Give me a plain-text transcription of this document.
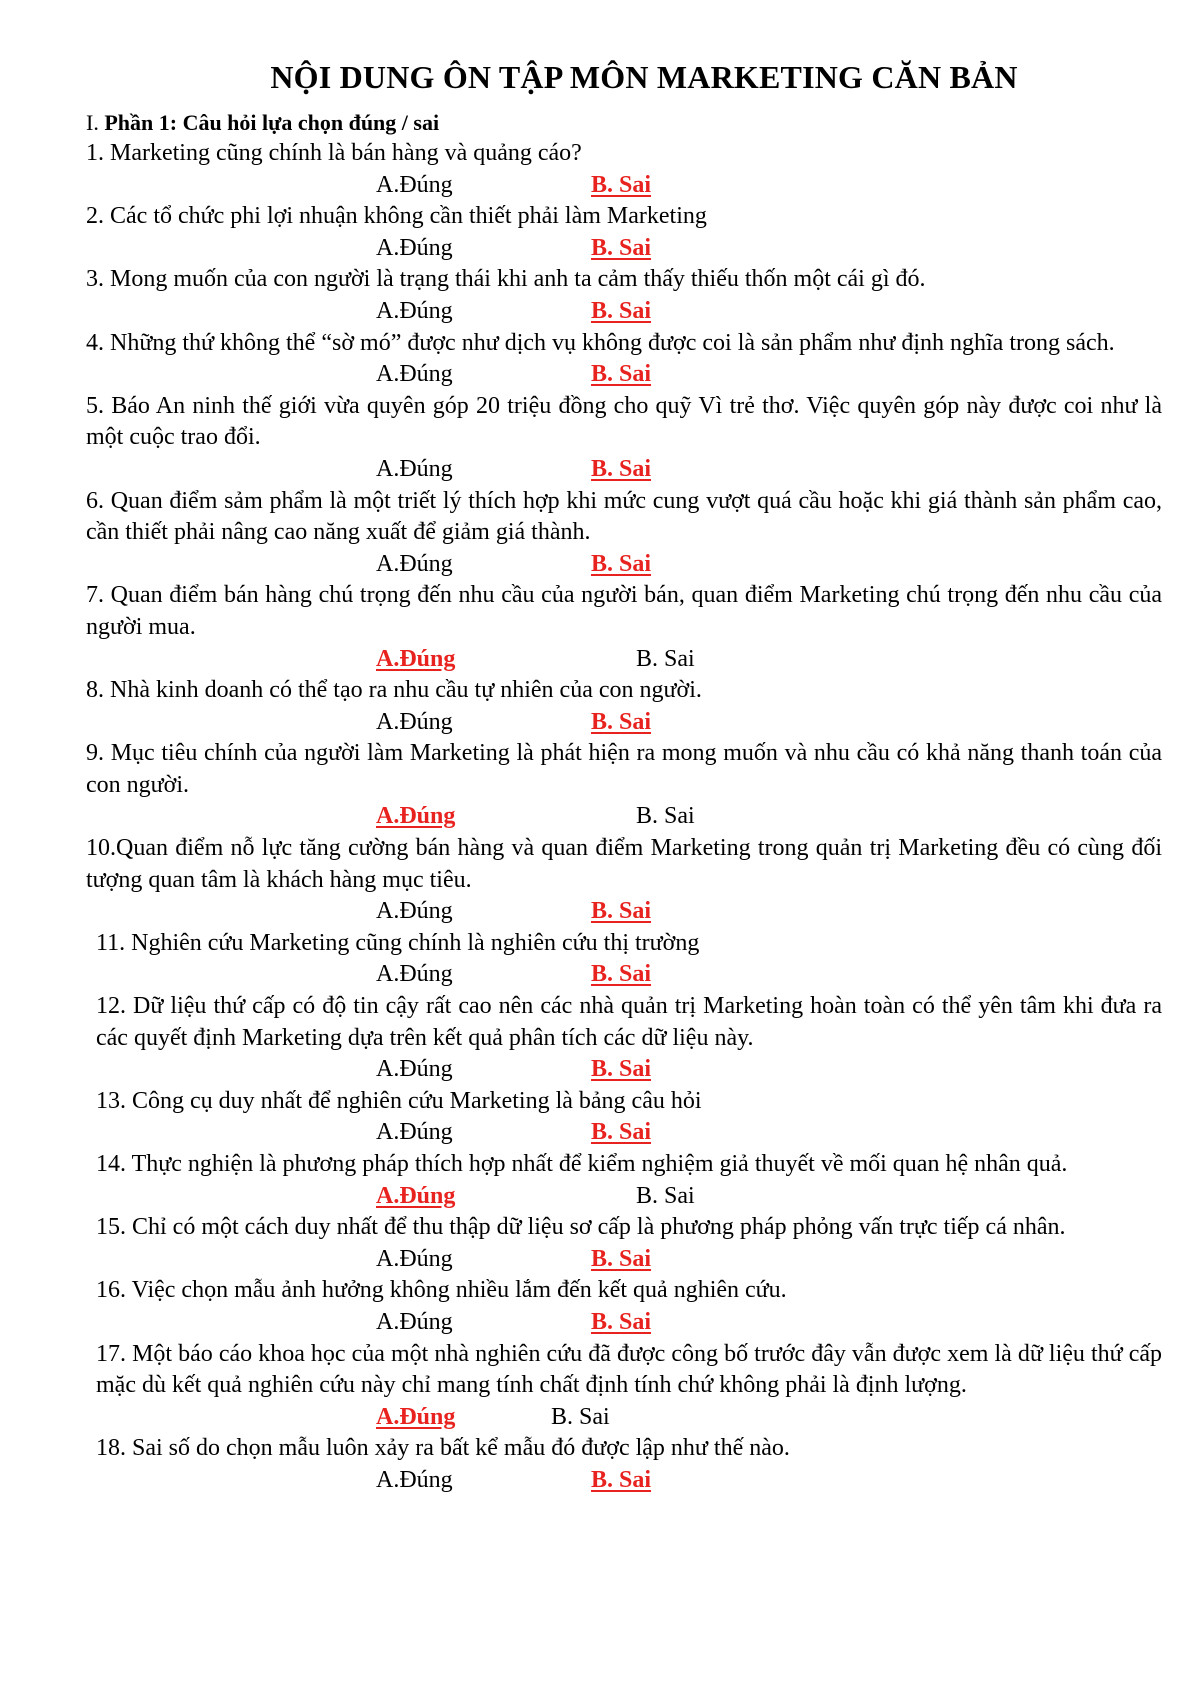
NỘI DUNG ÔN TẬP MÔN MARKETING CĂN BẢN
I. Phần 1: Câu hỏi lựa chọn đúng / sai

1. Marketing cũng chính là bán hàng và quảng cáo?

A.Đúng	B. Sai

2. Các tổ chức phi lợi nhuận không cần thiết phải làm Marketing

A.Đúng	B. Sai

3. Mong muốn của con người là trạng thái khi anh ta cảm thấy thiếu thốn một cái gì đó.

A.Đúng	B. Sai

4. Những thứ không thể “sờ mó” được như dịch vụ không được coi là sản phẩm như định nghĩa trong sách.

A.Đúng	B. Sai

5. Báo An ninh thế giới vừa quyên góp 20 triệu đồng cho quỹ Vì trẻ thơ. Việc quyên góp này được coi như là một cuộc trao đổi.

A.Đúng	B. Sai

6. Quan điểm sảm phẩm là một triết lý thích hợp khi mức cung vượt quá cầu hoặc khi giá thành sản phẩm cao, cần thiết phải nâng cao năng xuất để giảm giá thành.

A.Đúng	B. Sai

7. Quan điểm bán hàng chú trọng đến nhu cầu của người bán, quan điểm Marketing chú trọng đến nhu cầu của người mua.

A.Đúng	B. Sai

8. Nhà kinh doanh có thể tạo ra nhu cầu tự nhiên của con người.

A.Đúng	B. Sai

9. Mục tiêu chính của người làm Marketing là phát hiện ra mong muốn và nhu cầu có khả năng thanh toán của con người.

A.Đúng	B. Sai

10.Quan điểm nỗ lực tăng cường bán hàng và quan điểm Marketing trong quản trị Marketing đều có cùng đối tượng quan tâm là khách hàng mục tiêu.

A.Đúng	B. Sai

11. Nghiên cứu Marketing cũng chính là nghiên cứu thị trường

A.Đúng	B. Sai

12. Dữ liệu thứ cấp có độ tin cậy rất cao nên các nhà quản trị Marketing hoàn toàn có thể yên tâm khi đưa ra các quyết định Marketing dựa trên kết quả phân tích các dữ liệu này.

A.Đúng	B. Sai

13. Công cụ duy nhất để nghiên cứu Marketing là bảng câu hỏi

A.Đúng	B. Sai

14. Thực nghiện là phương pháp thích hợp nhất để kiểm nghiệm giả thuyết về mối quan hệ nhân quả.

A.Đúng	B. Sai

15. Chỉ có một cách duy nhất để thu thập dữ liệu sơ cấp là phương pháp phỏng vấn trực tiếp cá nhân.

A.Đúng	B. Sai

16. Việc chọn mẫu ảnh hưởng không nhiều lắm đến kết quả nghiên cứu.

A.Đúng	B. Sai

17. Một báo cáo khoa học của một nhà nghiên cứu đã được công bố trước đây vẫn được xem là dữ liệu thứ cấp mặc dù kết quả nghiên cứu này chỉ mang tính chất định tính chứ không phải là định lượng.

A.Đúng	B. Sai

18. Sai số do chọn mẫu luôn xảy ra bất kể mẫu đó được lập như thế nào.

A.Đúng	B. Sai
